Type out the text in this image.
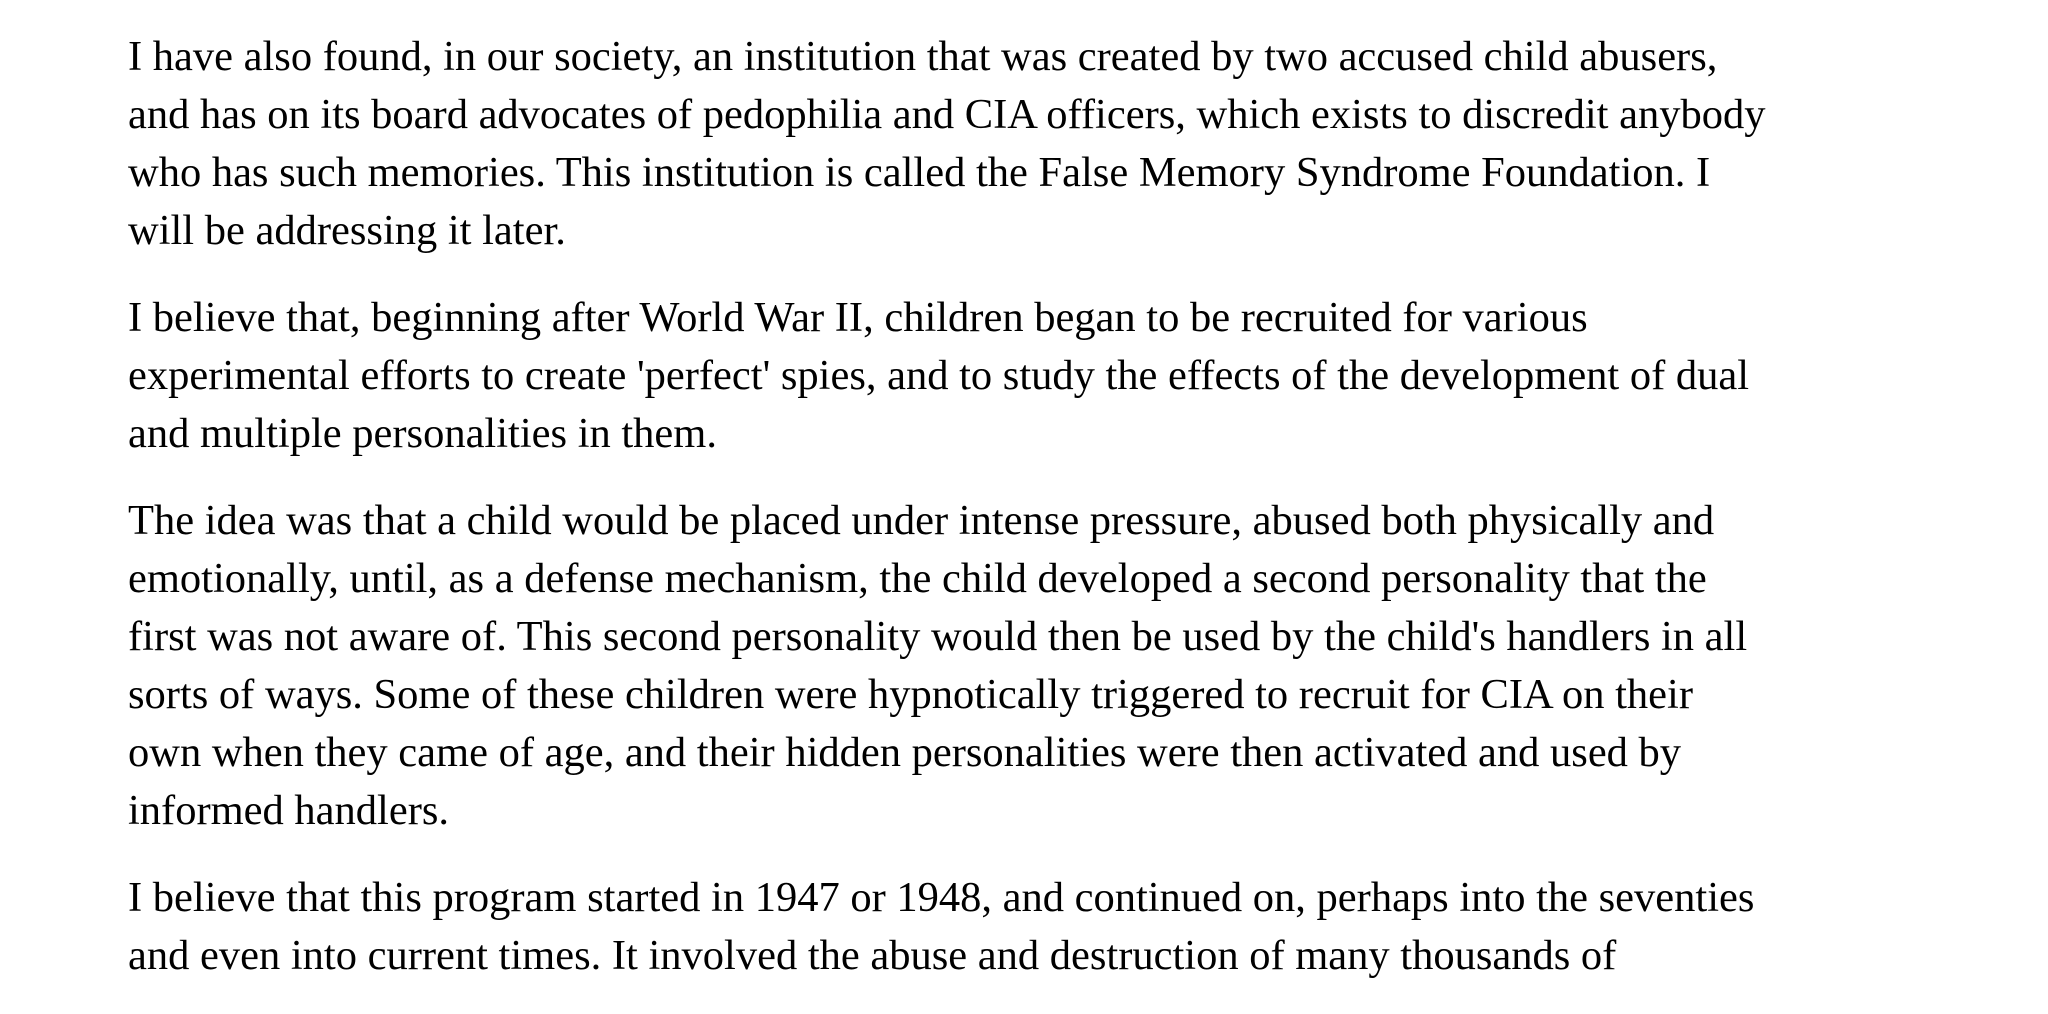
I have also found, in our society, an institution that was created by two accused child abusers,
and has on its board advocates of pedophilia and CIA officers, which exists to discredit anybody
who has such memories. This institution is called the False Memory Syndrome Foundation. I
will be addressing it later.
I believe that, beginning after World War II, children began to be recruited for various
experimental efforts to create 'perfect' spies, and to study the effects of the development of dual
and multiple personalities in them.
The idea was that a child would be placed under intense pressure, abused both physically and
emotionally, until, as a defense mechanism, the child developed a second personality that the
first was not aware of. This second personality would then be used by the child's handlers in all
sorts of ways. Some of these children were hypnotically triggered to recruit for CIA on their
own when they came of age, and their hidden personalities were then activated and used by
informed handlers.
I believe that this program started in 1947 or 1948, and continued on, perhaps into the seventies
and even into current times. It involved the abuse and destruction of many thousands of
